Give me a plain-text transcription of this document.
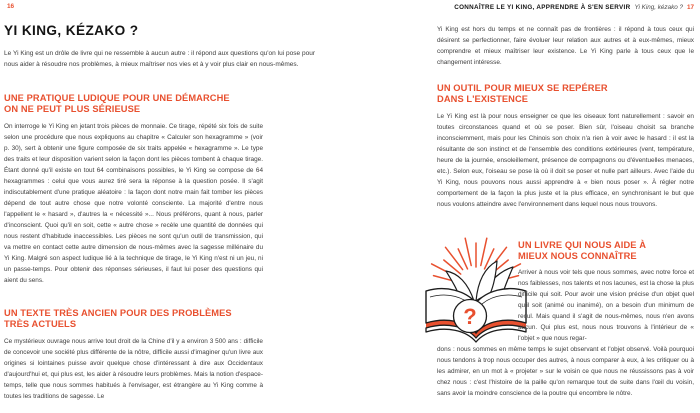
16
YI KING, KÉZAKO ?
Le Yi King est un drôle de livre qui ne ressemble à aucun autre : il répond aux questions qu'on lui pose pour nous aider à résoudre nos problèmes, à mieux maîtriser nos vies et à y voir plus clair en nous-mêmes.
UNE PRATIQUE LUDIQUE POUR UNE DÉMARCHE ON NE PEUT PLUS SÉRIEUSE
On interroge le Yi King en jetant trois pièces de monnaie. Ce tirage, répété six fois de suite selon une procédure que nous expliquons au chapitre « Calculer son hexagramme » (voir p. 30), sert à obtenir une figure composée de six traits appelée « hexagramme ». Le type des traits et leur disposition varient selon la façon dont les pièces tombent à chaque tirage. Étant donné qu'il existe en tout 64 combinaisons possibles, le Yi King se compose de 64 hexagrammes : celui que vous aurez tiré sera la réponse à la question posée. Il s'agit indiscutablement d'une pratique aléatoire : la façon dont notre main fait tomber les pièces dépend de tout autre chose que notre volonté consciente. La majorité d'entre nous l'appellent le « hasard », d'autres la « nécessité »... Nous préférons, quant à nous, parler d'inconscient. Quoi qu'il en soit, cette « autre chose » recèle une quantité de données qui nous restent d'habitude inaccessibles. Les pièces ne sont qu'un outil de transmission, qui va mettre en contact cette autre dimension de nous-mêmes avec la sagesse millénaire du Yi King. Malgré son aspect ludique lié à la technique de tirage, le Yi King n'est ni un jeu, ni un passe-temps. Pour obtenir des réponses sérieuses, il faut lui poser des questions qui aient du sens.
UN TEXTE TRÈS ANCIEN POUR DES PROBLÈMES TRÈS ACTUELS
Ce mystérieux ouvrage nous arrive tout droit de la Chine d'il y a environ 3 500 ans : difficile de concevoir une société plus différente de la nôtre, difficile aussi d'imaginer qu'un livre aux origines si lointaines puisse avoir quelque chose d'intéressant à dire aux Occidentaux d'aujourd'hui et, qui plus est, les aider à résoudre leurs problèmes. Mais la notion d'espace-temps, telle que nous sommes habitués à l'envisager, est étrangère au Yi King comme à toutes les traditions de sagesse. Le
CONNAÎTRE LE YI KING, APPRENDRE À S'EN SERVIR Yi King, kézako ? 17
Yi King est hors du temps et ne connaît pas de frontières : il répond à tous ceux qui désirent se perfectionner, faire évoluer leur relation aux autres et à eux-mêmes, mieux comprendre et mieux maîtriser leur existence. Le Yi King parle à tous ceux que le changement intéresse.
UN OUTIL POUR MIEUX SE REPÉRER DANS L'EXISTENCE
Le Yi King est là pour nous enseigner ce que les oiseaux font naturellement : savoir en toutes circonstances quand et où se poser. Bien sûr, l'oiseau choisit sa branche inconsciemment, mais pour les Chinois son choix n'a rien à voir avec le hasard : il est la résultante de son instinct et de l'ensemble des conditions extérieures (vent, température, heure de la journée, ensoleillement, présence de compagnons ou d'éventuelles menaces, etc.). Selon eux, l'oiseau se pose là où il doit se poser et nulle part ailleurs. Avec l'aide du Yi King, nous pouvons nous aussi apprendre à « bien nous poser ». À régler notre comportement de la façon la plus juste et la plus efficace, en synchronisant le but que nous voulons atteindre avec l'environnement dans lequel nous nous trouvons.
?
UN LIVRE QUI NOUS AIDE À MIEUX NOUS CONNAÎTRE
Arriver à nous voir tels que nous sommes, avec notre force et nos faiblesses, nos talents et nos lacunes, est la chose la plus difficile qui soit. Pour avoir une vision précise d'un objet quel qu'il soit (animé ou inanimé), on a besoin d'un minimum de recul. Mais quand il s'agit de nous-mêmes, nous n'en avons aucun. Qui plus est, nous nous trouvons à l'intérieur de « l'objet » que nous regar-
dons : nous sommes en même temps le sujet observant et l'objet observé. Voilà pourquoi nous tendons à trop nous occuper des autres, à nous comparer à eux, à les critiquer ou à les admirer, en un mot à « projeter » sur le voisin ce que nous ne réussissons pas à voir chez nous : c'est l'histoire de la paille qu'on remarque tout de suite dans l'œil du voisin, sans avoir la moindre conscience de la poutre qui encombre le nôtre.
